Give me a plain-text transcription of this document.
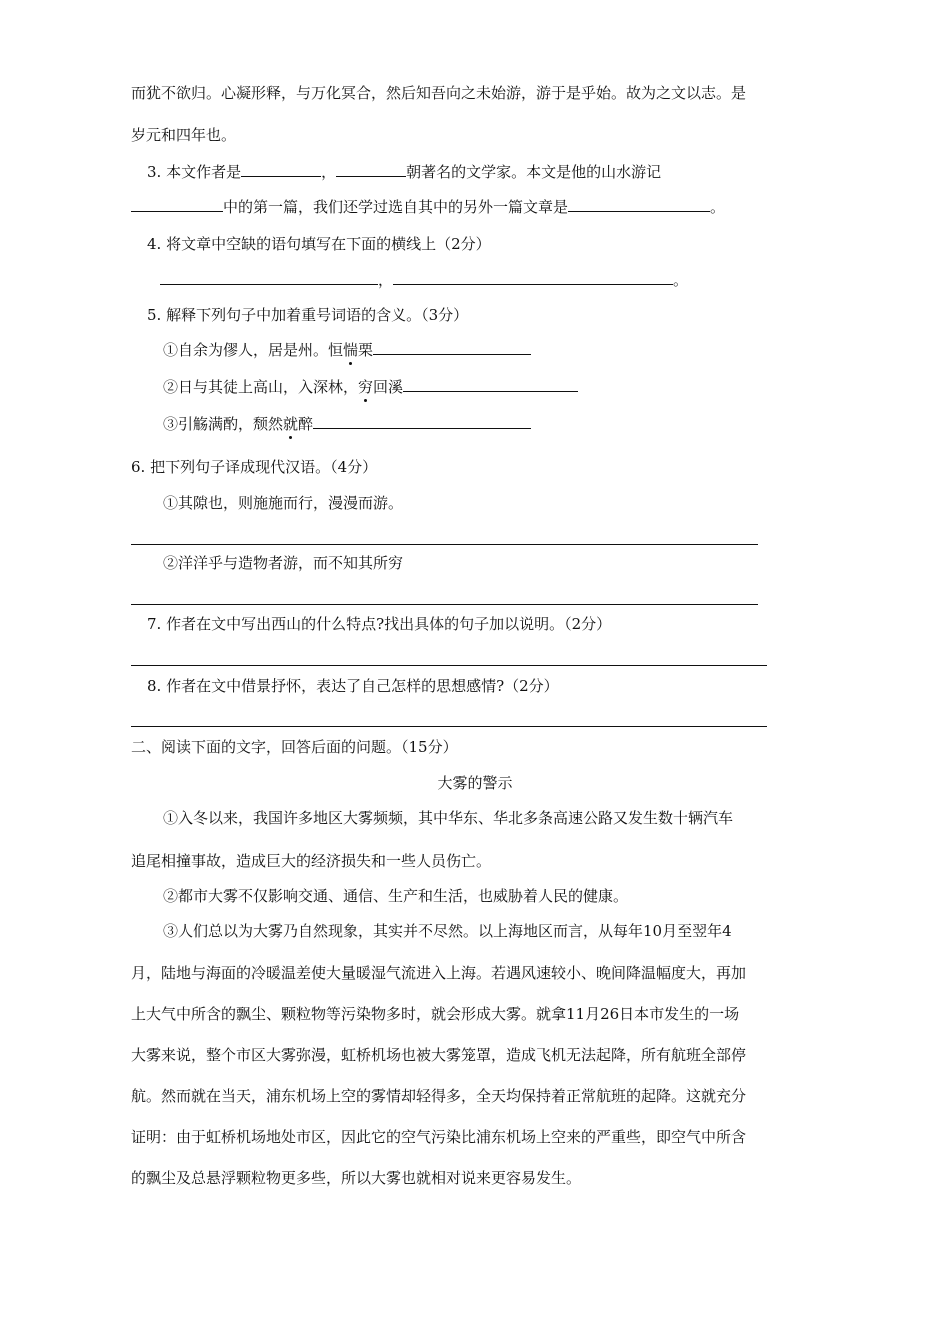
而犹不欲归。心凝形释，与万化冥合，然后知吾向之未始游，游于是乎始。故为之文以志。是
岁元和四年也。
3. 本文作者是	，	朝著名的文学家。本文是他的山水游记
中的第一篇，我们还学过选自其中的另外一篇文章是	。
4. 将文章中空缺的语句填写在下面的横线上（2分）
，	。
5. 解释下列句子中加着重号词语的含义。（3分）
①自余为僇人，居是州。恒惴栗
②日与其徒上高山，入深林，穷回溪
③引觞满酌，颓然就醉
6. 把下列句子译成现代汉语。（4分）
①其隙也，则施施而行，漫漫而游。
②洋洋乎与造物者游，而不知其所穷
7. 作者在文中写出西山的什么特点?找出具体的句子加以说明。（2分）
8. 作者在文中借景抒怀，表达了自己怎样的思想感情?（2分）
二、阅读下面的文字，回答后面的问题。（15分）
大雾的警示
①入冬以来，我国许多地区大雾频频，其中华东、华北多条高速公路又发生数十辆汽车
追尾相撞事故，造成巨大的经济损失和一些人员伤亡。
②都市大雾不仅影响交通、通信、生产和生活，也威胁着人民的健康。
③人们总以为大雾乃自然现象，其实并不尽然。以上海地区而言，从每年10月至翌年4
月，陆地与海面的冷暖温差使大量暖湿气流进入上海。若遇风速较小、晚间降温幅度大，再加
上大气中所含的飘尘、颗粒物等污染物多时，就会形成大雾。就拿11月26日本市发生的一场
大雾来说，整个市区大雾弥漫，虹桥机场也被大雾笼罩，造成飞机无法起降，所有航班全部停
航。然而就在当天，浦东机场上空的雾情却轻得多，全天均保持着正常航班的起降。这就充分
证明：由于虹桥机场地处市区，因此它的空气污染比浦东机场上空来的严重些，即空气中所含
的飘尘及总悬浮颗粒物更多些，所以大雾也就相对说来更容易发生。
